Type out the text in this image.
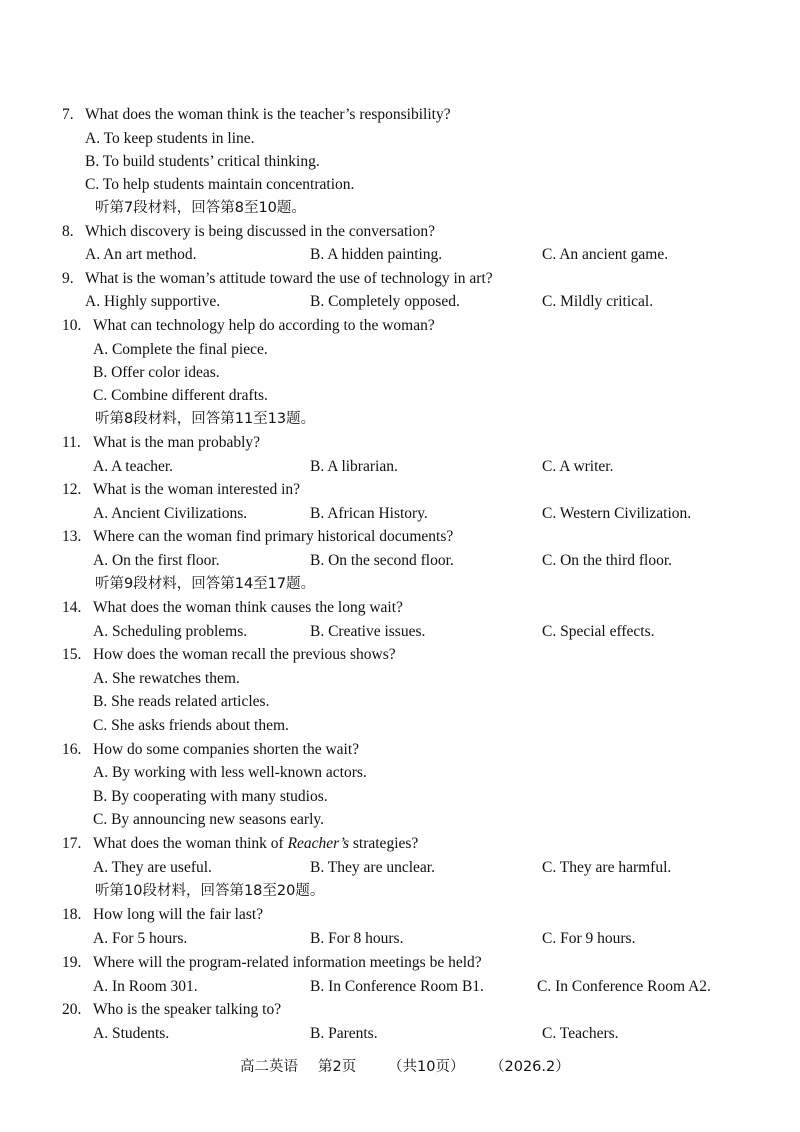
7. What does the woman think is the teacher’s responsibility?
A. To keep students in line.
B. To build students’ critical thinking.
C. To help students maintain concentration.
听第7段材料，回答第8至10题。
8. Which discovery is being discussed in the conversation?
A. An art method.	B. A hidden painting.	C. An ancient game.
9. What is the woman’s attitude toward the use of technology in art?
A. Highly supportive.	B. Completely opposed.	C. Mildly critical.
10. What can technology help do according to the woman?
A. Complete the final piece.
B. Offer color ideas.
C. Combine different drafts.
听第8段材料，回答第11至13题。
11. What is the man probably?
A. A teacher.	B. A librarian.	C. A writer.
12. What is the woman interested in?
A. Ancient Civilizations.	B. African History.	C. Western Civilization.
13. Where can the woman find primary historical documents?
A. On the first floor.	B. On the second floor.	C. On the third floor.
听第9段材料，回答第14至17题。
14. What does the woman think causes the long wait?
A. Scheduling problems.	B. Creative issues.	C. Special effects.
15. How does the woman recall the previous shows?
A. She rewatches them.
B. She reads related articles.
C. She asks friends about them.
16. How do some companies shorten the wait?
A. By working with less well-known actors.
B. By cooperating with many studios.
C. By announcing new seasons early.
17. What does the woman think of Reacher’s strategies?
A. They are useful.	B. They are unclear.	C. They are harmful.
听第10段材料，回答第18至20题。
18. How long will the fair last?
A. For 5 hours.	B. For 8 hours.	C. For 9 hours.
19. Where will the program-related information meetings be held?
A. In Room 301.	B. In Conference Room B1.	C. In Conference Room A2.
20. Who is the speaker talking to?
A. Students.	B. Parents.	C. Teachers.
高二英语 第2页 （共10页） （2026.2）
